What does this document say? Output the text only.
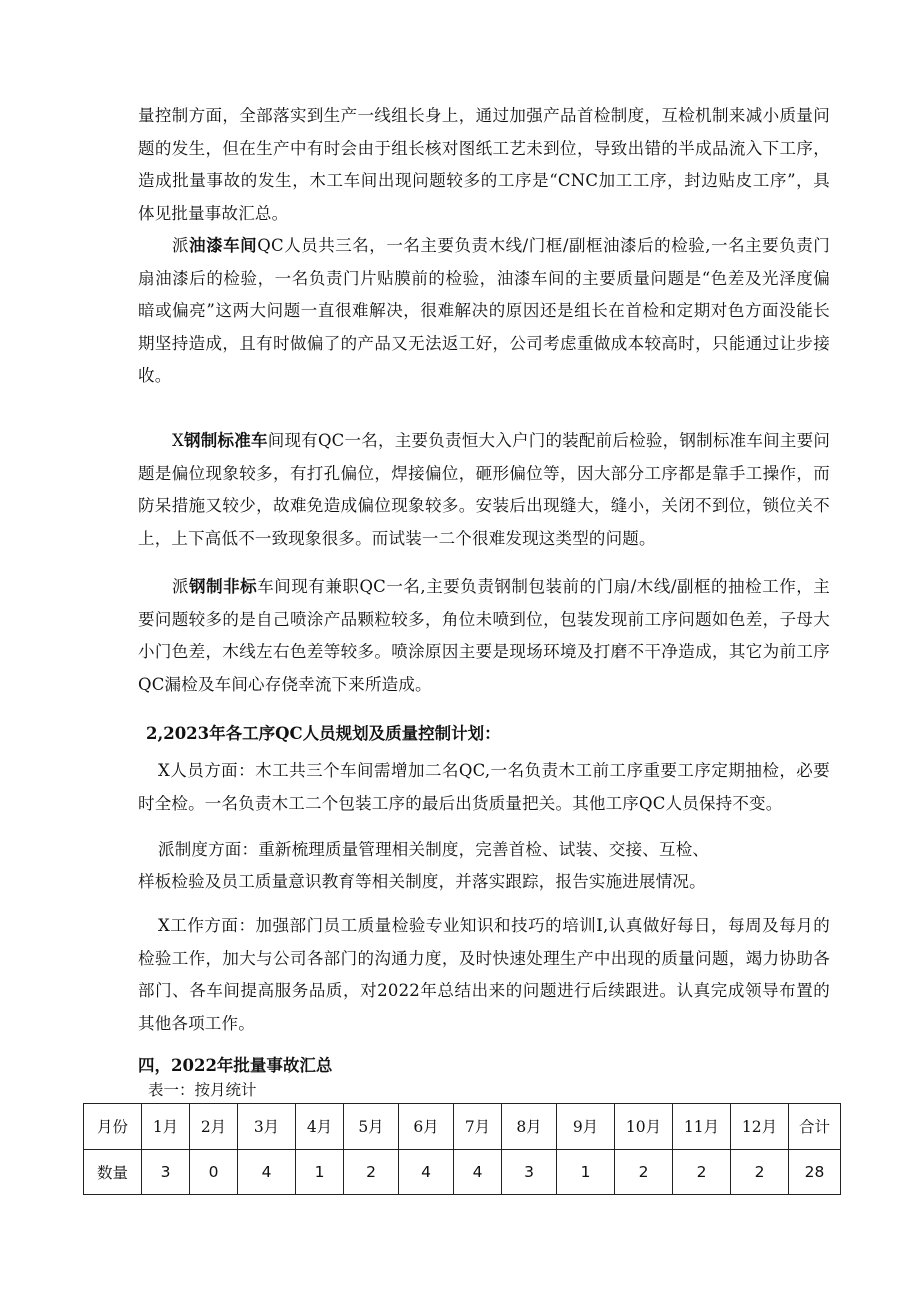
量控制方面，全部落实到生产一线组长身上，通过加强产品首检制度，互检机制来减小质量问题的发生，但在生产中有时会由于组长核对图纸工艺未到位，导致出错的半成品流入下工序，造成批量事故的发生，木工车间出现问题较多的工序是“CNC加工工序，封边贴皮工序”，具体见批量事故汇总。
派油漆车间QC人员共三名，一名主要负责木线/门框/副框油漆后的检验,一名主要负责门扇油漆后的检验，一名负责门片贴膜前的检验，油漆车间的主要质量问题是“色差及光泽度偏暗或偏亮”这两大问题一直很难解决，很难解决的原因还是组长在首检和定期对色方面没能长期坚持造成，且有时做偏了的产品又无法返工好，公司考虑重做成本较高时，只能通过让步接收。
X钢制标准车间现有QC一名，主要负责恒大入户门的装配前后检验，钢制标准车间主要问题是偏位现象较多，有打孔偏位，焊接偏位，砸形偏位等，因大部分工序都是靠手工操作，而防呆措施又较少，故难免造成偏位现象较多。安装后出现缝大，缝小，关闭不到位，锁位关不上，上下高低不一致现象很多。而试装一二个很难发现这类型的问题。
派钢制非标车间现有兼职QC一名,主要负责钢制包装前的门扇/木线/副框的抽检工作，主要问题较多的是自己喷涂产品颗粒较多，角位未喷到位，包装发现前工序问题如色差，子母大小门色差，木线左右色差等较多。喷涂原因主要是现场环境及打磨不干净造成，其它为前工序QC漏检及车间心存侥幸流下来所造成。
2,2023年各工序QC人员规划及质量控制计划：
X人员方面：木工共三个车间需增加二名QC,一名负责木工前工序重要工序定期抽检，必要时全检。一名负责木工二个包装工序的最后出货质量把关。其他工序QC人员保持不变。
派制度方面：重新梳理质量管理相关制度，完善首检、试装、交接、互检、
样板检验及员工质量意识教育等相关制度，并落实跟踪，报告实施进展情况。
X工作方面：加强部门员工质量检验专业知识和技巧的培训I,认真做好每日，每周及每月的检验工作，加大与公司各部门的沟通力度，及时快速处理生产中出现的质量问题，竭力协助各部门、各车间提高服务品质，对2022年总结出来的问题进行后续跟进。认真完成领导布置的其他各项工作。
四，2022年批量事故汇总
表一：按月统计
月份	1月	2月	3月	4月	5月	6月	7月	8月	9月	10月	11月	12月	合计
数量	3	0	4	1	2	4	4	3	1	2	2	2	28
